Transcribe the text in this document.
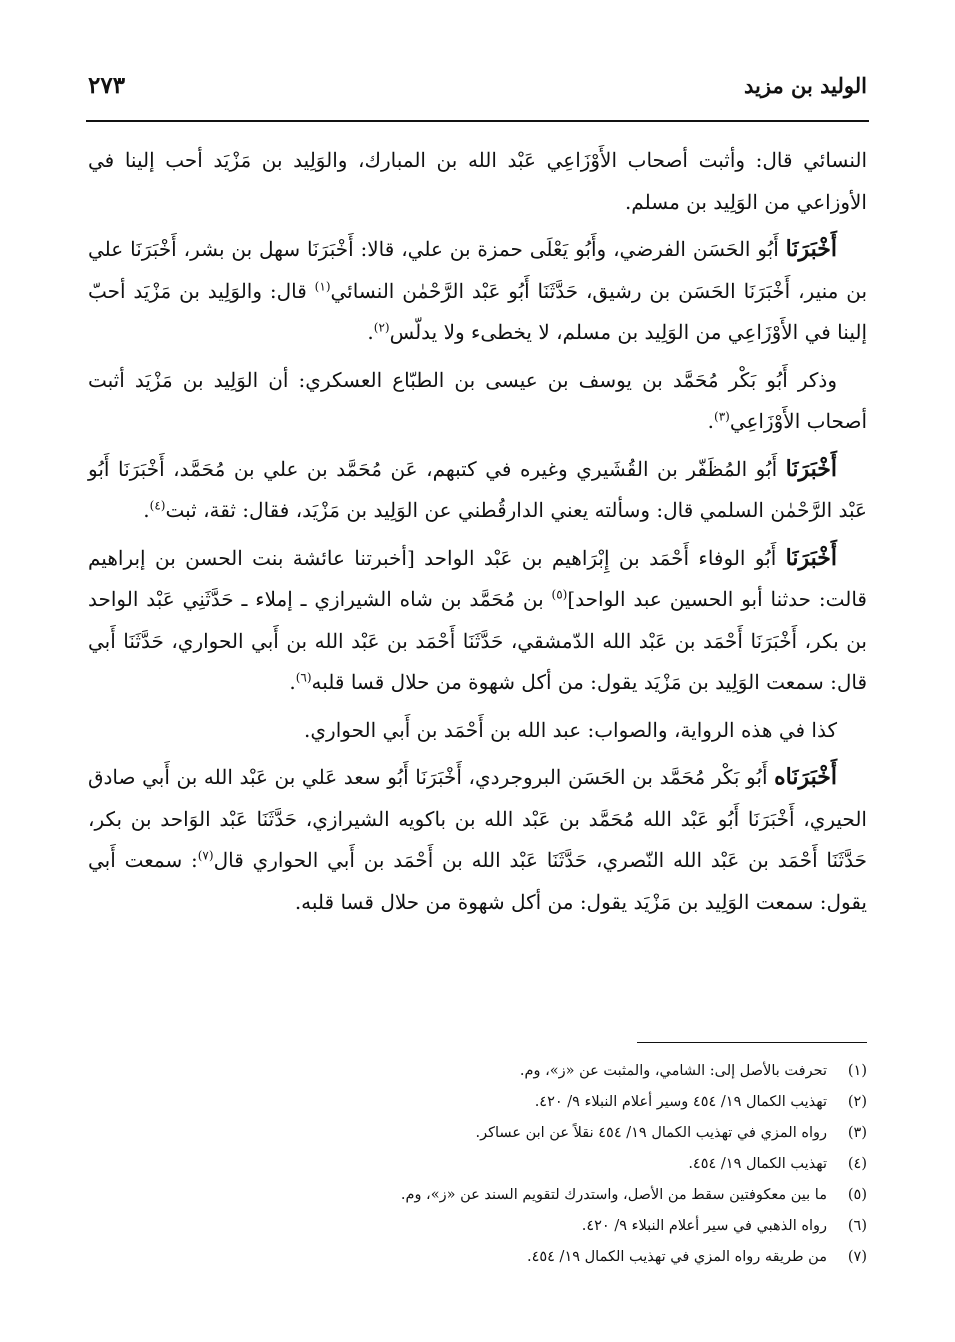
٢٧٣	الوليد بن مزيد

النسائي قال: وأثبت أصحاب الأَوْزَاعِي عَبْد الله بن المبارك، والوَلِيد بن مَزْيَد أحب إلينا في الأوزاعي من الوَلِيد بن مسلم.

أَخْبَرَنَا أَبُو الحَسَن الفرضي، وأَبُو يَعْلَى حمزة بن علي، قالا: أَخْبَرَنَا سهل بن بشر، أَخْبَرَنَا علي بن منير، أَخْبَرَنَا الحَسَن بن رشيق، حَدَّثَنَا أَبُو عَبْد الرَّحْمٰن النسائي$^{(١)}$ قال: والوَلِيد بن مَزْيَد أحبّ إلينا في الأَوْزَاعِي من الوَلِيد بن مسلم، لا يخطىء ولا يدلّس$^{(٢)}$.

وذكر أَبُو بَكْر مُحَمَّد بن يوسف بن عيسى بن الطبّاع العسكري: أن الوَلِيد بن مَزْيَد أثبت أصحاب الأَوْزَاعِي$^{(٣)}$.

أَخْبَرَنَا أَبُو المُظَفّر بن القُشَيري وغيره في كتبهم، عَن مُحَمَّد بن علي بن مُحَمَّد، أَخْبَرَنَا أَبُو عَبْد الرَّحْمٰن السلمي قال: وسألته يعني الدارقُطني عن الوَلِيد بن مَزْيَد، فقال: ثقة، ثبت$^{(٤)}$.

أَخْبَرَنَا أَبُو الوفاء أَحْمَد بن إِبْرَاهيم بن عَبْد الواحد [أخبرتنا عائشة بنت الحسن بن إبراهيم قالت: حدثنا أبو الحسين عبد الواحد]$^{(٥)}$ بن مُحَمَّد بن شاه الشيرازي ـ إملاء ـ حَدَّثَنِي عَبْد الواحد بن بكر، أَخْبَرَنَا أَحْمَد بن عَبْد الله الدّمشقي، حَدَّثَنَا أَحْمَد بن عَبْد الله بن أَبي الحواري، حَدَّثَنَا أَبي قال: سمعت الوَلِيد بن مَزْيَد يقول: من أكل شهوة من حلال قسا قلبه$^{(٦)}$.

كذا في هذه الرواية، والصواب: عبد الله بن أَحْمَد بن أَبي الحواري.

أَخْبَرَنَاه أَبُو بَكْر مُحَمَّد بن الحَسَن البروجردي، أَخْبَرَنَا أَبُو سعد عَلي بن عَبْد الله بن أَبي صادق الحيري، أَخْبَرَنَا أَبُو عَبْد الله مُحَمَّد بن عَبْد الله بن باكويه الشيرازي، حَدَّثَنَا عَبْد الوَاحد بن بكر، حَدَّثَنَا أَحْمَد بن عَبْد الله النّصري، حَدَّثَنَا عَبْد الله بن أَحْمَد بن أَبي الحواري قال$^{(٧)}$: سمعت أَبي يقول: سمعت الوَلِيد بن مَزْيَد يقول: من أكل شهوة من حلال قسا قلبه.

(١)
تحرفت بالأصل إلى: الشامي، والمثبت عن «ز»، وم.
(٢)
تهذيب الكمال ١٩/ ٤٥٤ وسير أعلام النبلاء ٩/ ٤٢٠.
(٣)
رواه المزي في تهذيب الكمال ١٩/ ٤٥٤ نقلاً عن ابن عساكر.
(٤)
تهذيب الكمال ١٩/ ٤٥٤.
(٥)
ما بين معكوفتين سقط من الأصل، واستدرك لتقويم السند عن «ز»، وم.
(٦)
رواه الذهبي في سير أعلام النبلاء ٩/ ٤٢٠.
(٧)
من طريقه رواه المزي في تهذيب الكمال ١٩/ ٤٥٤.
